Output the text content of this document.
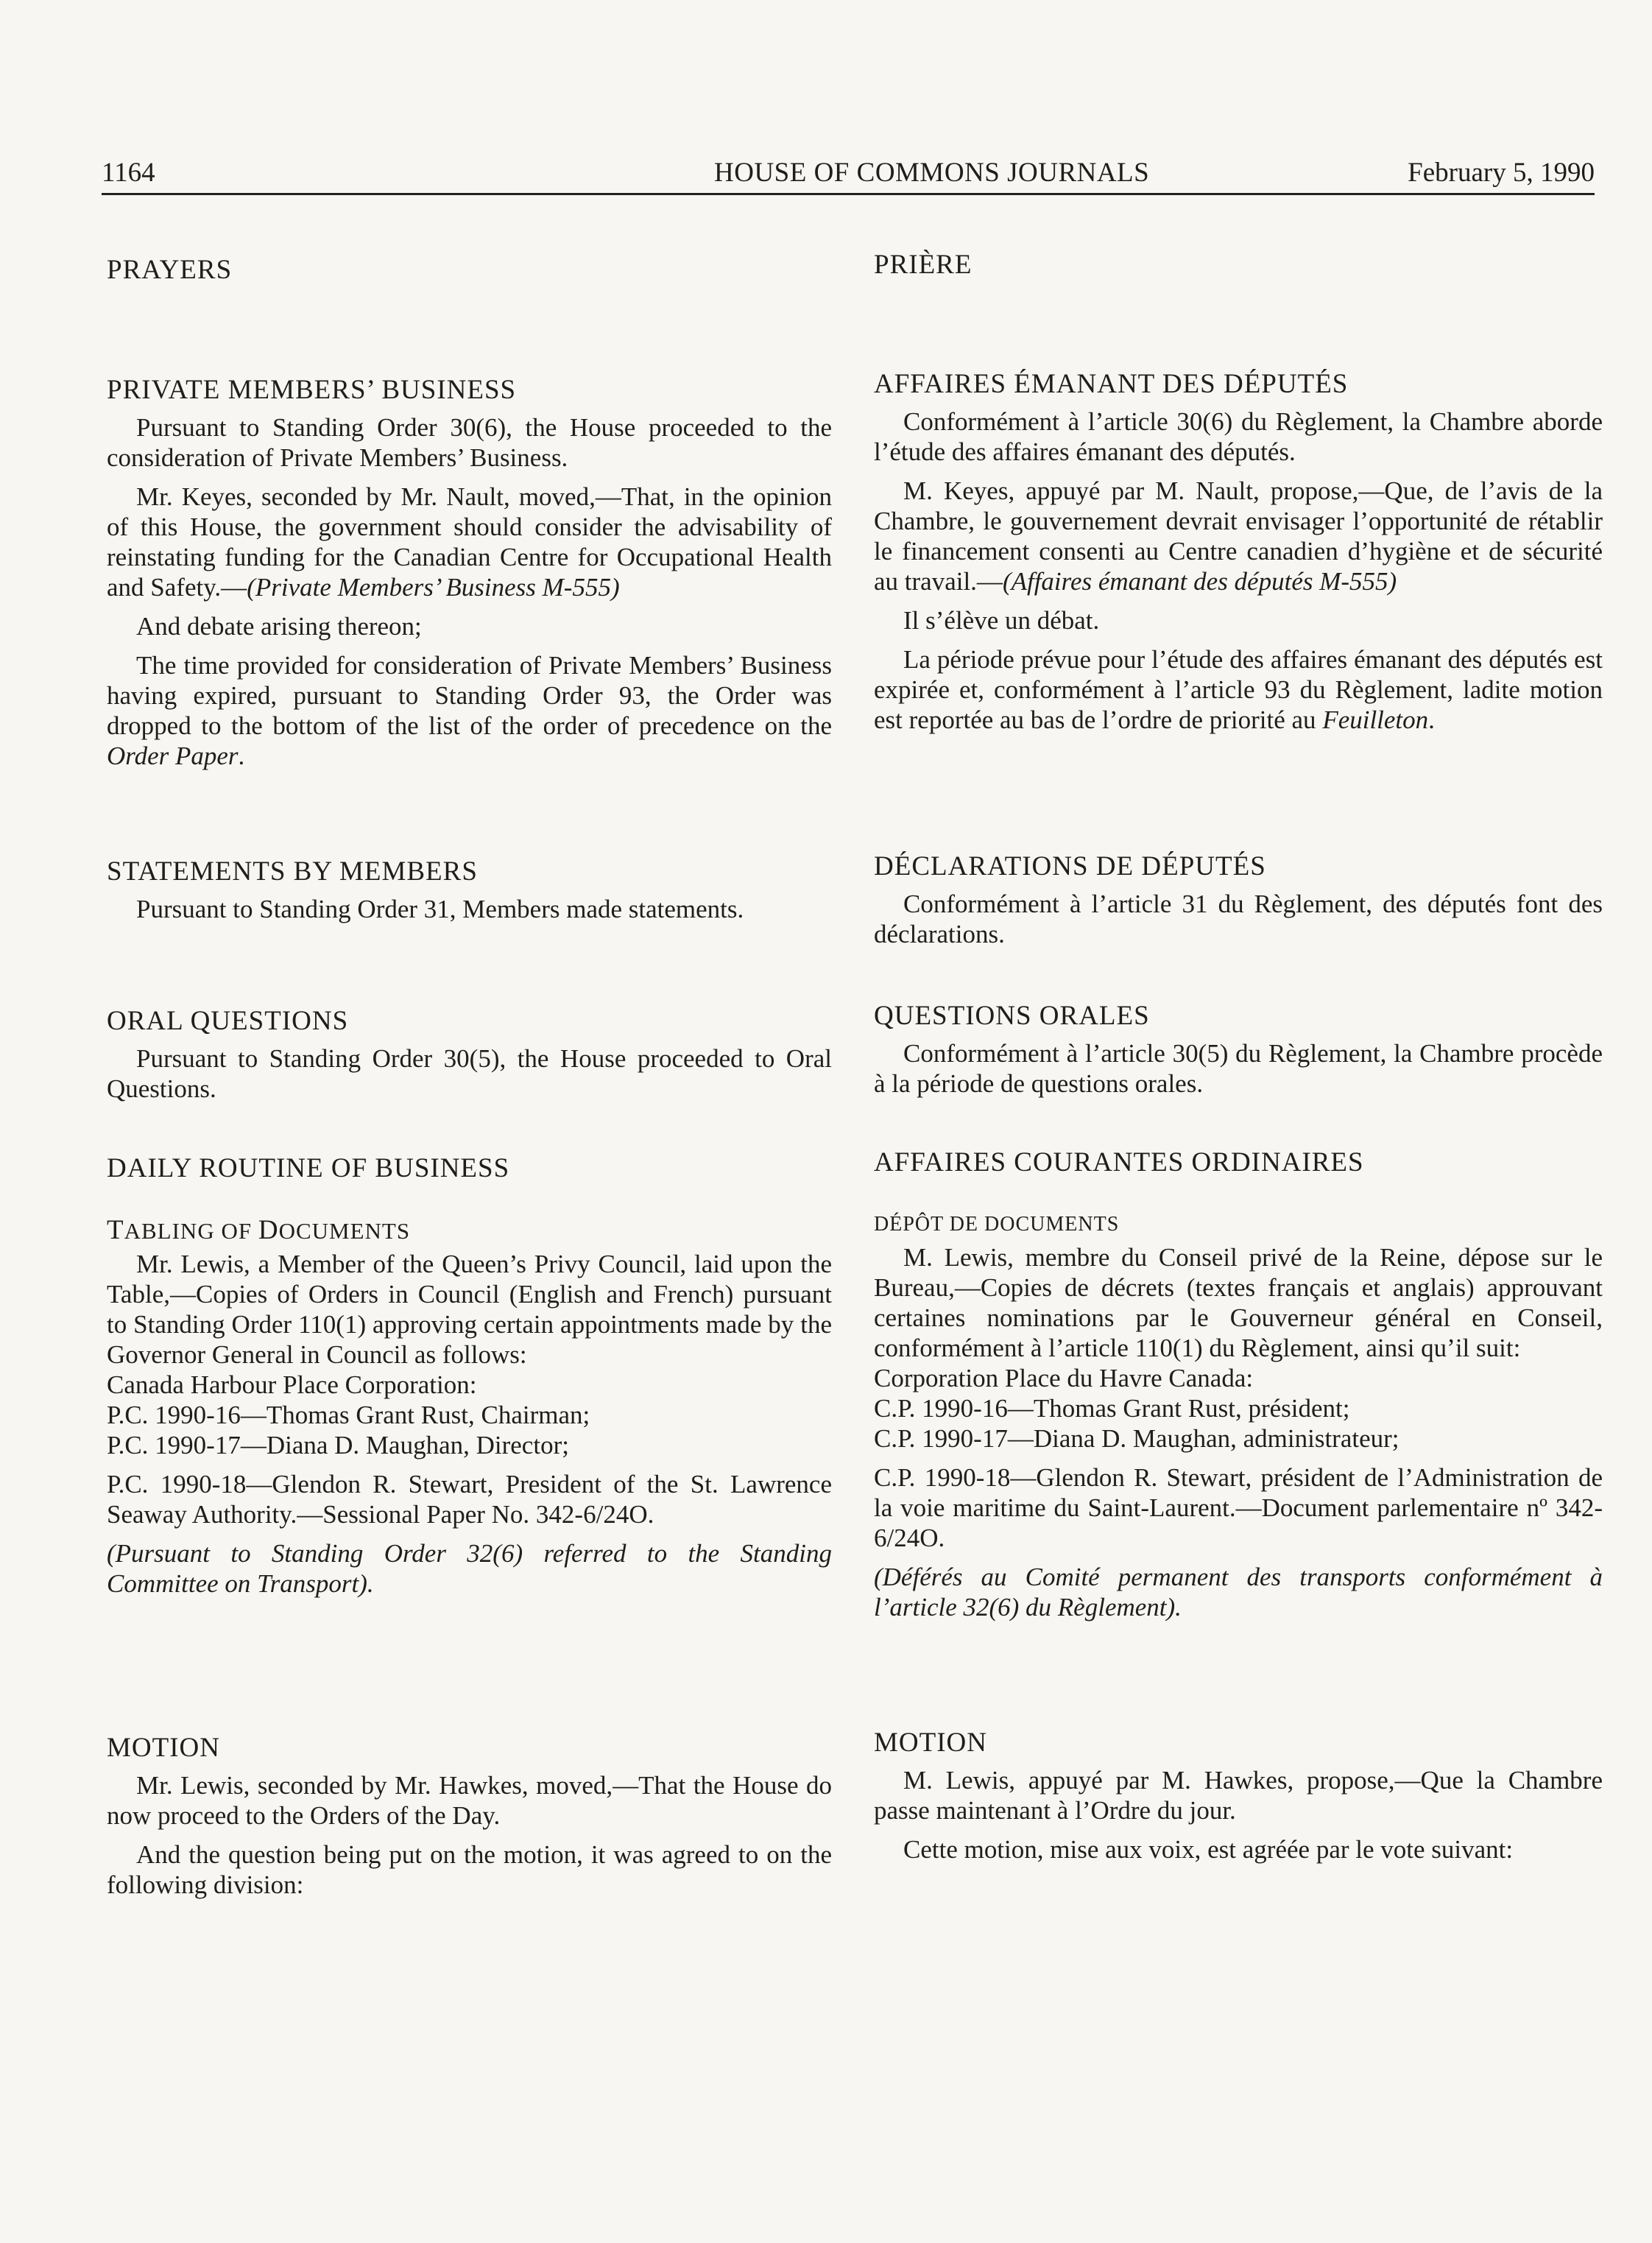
1164	HOUSE OF COMMONS JOURNALS	February 5, 1990
PRAYERS
PRIVATE MEMBERS’ BUSINESS

Pursuant to Standing Order 30(6), the House proceeded to the consideration of Private Members’ Business.

Mr. Keyes, seconded by Mr. Nault, moved,—That, in the opinion of this House, the government should consider the advisability of reinstating funding for the Canadian Centre for Occupational Health and Safety.—(Private Members’ Business M-555)

And debate arising thereon;

The time provided for consideration of Private Members’ Business having expired, pursuant to Standing Order 93, the Order was dropped to the bottom of the list of the order of precedence on the Order Paper.

STATEMENTS BY MEMBERS

Pursuant to Standing Order 31, Members made statements.

ORAL QUESTIONS

Pursuant to Standing Order 30(5), the House proceeded to Oral Questions.

DAILY ROUTINE OF BUSINESS
TABLING OF DOCUMENTS

Mr. Lewis, a Member of the Queen’s Privy Council, laid upon the Table,—Copies of Orders in Council (English and French) pursuant to Standing Order 110(1) approving certain appointments made by the Governor General in Council as follows:

Canada Harbour Place Corporation:

P.C. 1990-16—Thomas Grant Rust, Chairman;

P.C. 1990-17—Diana D. Maughan, Director;

P.C. 1990-18—Glendon R. Stewart, President of the St. Lawrence Seaway Authority.—Sessional Paper No. 342-6/24O.

(Pursuant to Standing Order 32(6) referred to the Standing Committee on Transport).

MOTION

Mr. Lewis, seconded by Mr. Hawkes, moved,—That the House do now proceed to the Orders of the Day.

And the question being put on the motion, it was agreed to on the following division:

PRIÈRE
AFFAIRES ÉMANANT DES DÉPUTÉS

Conformément à l’article 30(6) du Règlement, la Chambre aborde l’étude des affaires émanant des députés.

M. Keyes, appuyé par M. Nault, propose,—Que, de l’avis de la Chambre, le gouvernement devrait envisager l’opportunité de rétablir le financement consenti au Centre canadien d’hygiène et de sécurité au travail.—(Affaires émanant des députés M-555)

Il s’élève un débat.

La période prévue pour l’étude des affaires émanant des députés est expirée et, conformément à l’article 93 du Règlement, ladite motion est reportée au bas de l’ordre de priorité au Feuilleton.

DÉCLARATIONS DE DÉPUTÉS

Conformément à l’article 31 du Règlement, des députés font des déclarations.

QUESTIONS ORALES

Conformément à l’article 30(5) du Règlement, la Chambre procède à la période de questions orales.

AFFAIRES COURANTES ORDINAIRES
DÉPÔT DE DOCUMENTS

M. Lewis, membre du Conseil privé de la Reine, dépose sur le Bureau,—Copies de décrets (textes français et anglais) approuvant certaines nominations par le Gouverneur général en Conseil, conformément à l’article 110(1) du Règlement, ainsi qu’il suit:

Corporation Place du Havre Canada:

C.P. 1990-16—Thomas Grant Rust, président;

C.P. 1990-17—Diana D. Maughan, administrateur;

C.P. 1990-18—Glendon R. Stewart, président de l’Administration de la voie maritime du Saint-Laurent.—Document parlementaire nº 342-6/24O.

(Déférés au Comité permanent des transports conformément à l’article 32(6) du Règlement).

MOTION

M. Lewis, appuyé par M. Hawkes, propose,—Que la Chambre passe maintenant à l’Ordre du jour.

Cette motion, mise aux voix, est agréée par le vote suivant:
